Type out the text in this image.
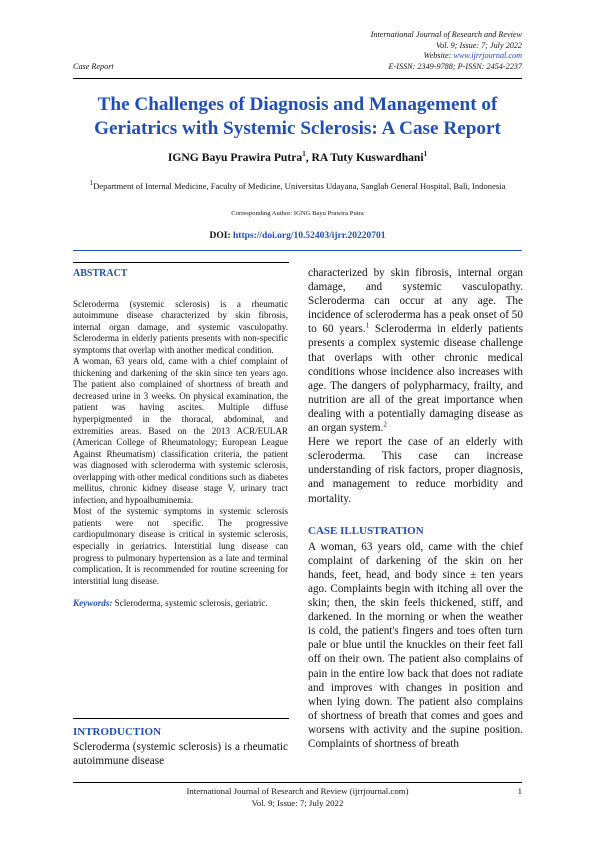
International Journal of Research and Review
Vol. 9; Issue: 7; July 2022
Website: www.ijrrjournal.com
E-ISSN: 2349-9788; P-ISSN: 2454-2237
Case Report
The Challenges of Diagnosis and Management of Geriatrics with Systemic Sclerosis: A Case Report
IGNG Bayu Prawira Putra$^1$, RA Tuty Kuswardhani$^1$
$^1$Department of Internal Medicine, Faculty of Medicine, Universitas Udayana, Sanglah General Hospital, Bali, Indonesia
Corresponding Author: IGNG Bayu Prawira Putra
DOI: https://doi.org/10.52403/ijrr.20220701

ABSTRACT

Scleroderma (systemic sclerosis) is a rheumatic autoimmune disease characterized by skin fibrosis, internal organ damage, and systemic vasculopathy. Scleroderma in elderly patients presents with non-specific symptoms that overlap with another medical condition.

A woman, 63 years old, came with a chief complaint of thickening and darkening of the skin since ten years ago. The patient also complained of shortness of breath and decreased urine in 3 weeks. On physical examination, the patient was having ascites. Multiple diffuse hyperpigmented in the thoracal, abdominal, and extremities areas. Based on the 2013 ACR/EULAR (American College of Rheumatology; European League Against Rheumatism) classification criteria, the patient was diagnosed with scleroderma with systemic sclerosis, overlapping with other medical conditions such as diabetes mellitus, chronic kidney disease stage V, urinary tract infection, and hypoalbuminemia.

Most of the systemic symptoms in systemic sclerosis patients were not specific. The progressive cardiopulmonary disease is critical in systemic sclerosis, especially in geriatrics. Interstitial lung disease can progress to pulmonary hypertension as a late and terminal complication. It is recommended for routine screening for interstitial lung disease.

Keywords: Scleroderma, systemic sclerosis, geriatric.

INTRODUCTION

Scleroderma (systemic sclerosis) is a rheumatic autoimmune disease

characterized by skin fibrosis, internal organ damage, and systemic vasculopathy. Scleroderma can occur at any age. The incidence of scleroderma has a peak onset of 50 to 60 years.$^1$ Scleroderma in elderly patients presents a complex systemic disease challenge that overlaps with other chronic medical conditions whose incidence also increases with age. The dangers of polypharmacy, frailty, and nutrition are all of the great importance when dealing with a potentially damaging disease as an organ system.$^2$

Here we report the case of an elderly with scleroderma. This case can increase understanding of risk factors, proper diagnosis, and management to reduce morbidity and mortality.

CASE ILLUSTRATION

A woman, 63 years old, came with the chief complaint of darkening of the skin on her hands, feet, head, and body since ± ten years ago. Complaints begin with itching all over the skin; then, the skin feels thickened, stiff, and darkened. In the morning or when the weather is cold, the patient's fingers and toes often turn pale or blue until the knuckles on their feet fall off on their own. The patient also complains of pain in the entire low back that does not radiate and improves with changes in position and when lying down. The patient also complains of shortness of breath that comes and goes and worsens with activity and the supine position. Complaints of shortness of breath

International Journal of Research and Review (ijrrjournal.com)
Vol. 9; Issue: 7; July 2022
1
